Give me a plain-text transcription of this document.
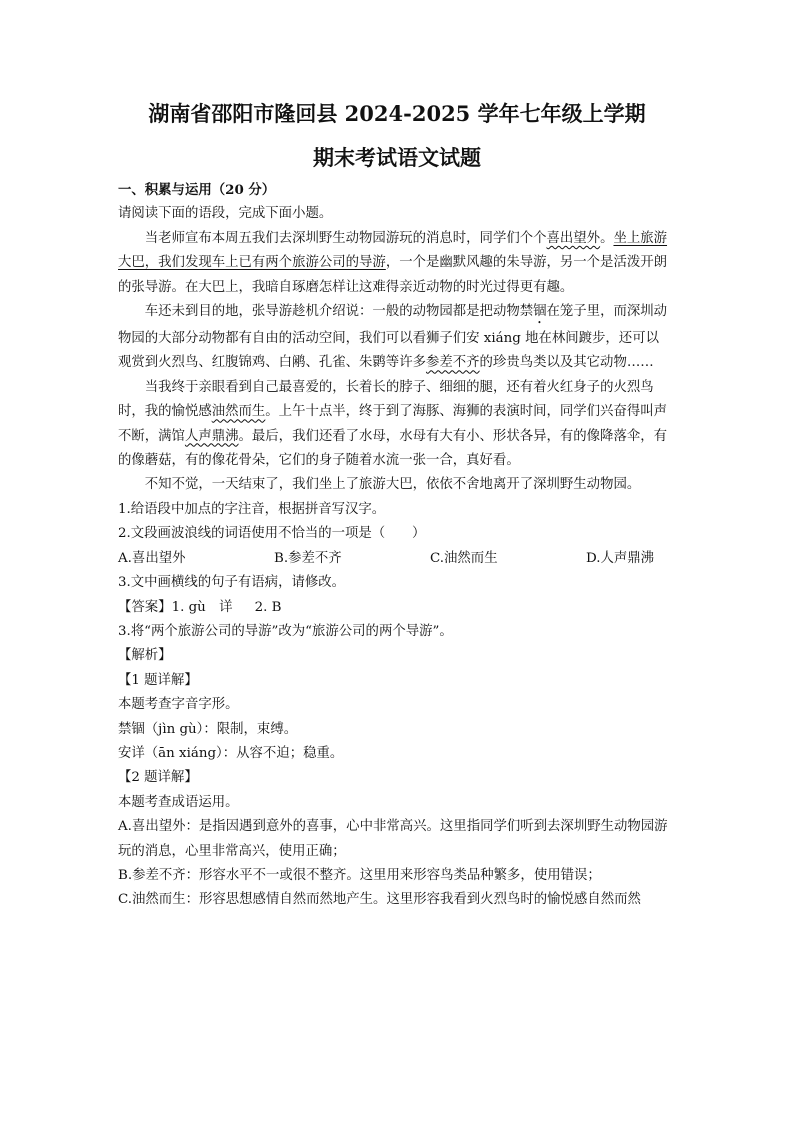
湖南省邵阳市隆回县 2024-2025 学年七年级上学期
期末考试语文试题

一、积累与运用（20 分）

请阅读下面的语段，完成下面小题。

当老师宣布本周五我们去深圳野生动物园游玩的消息时，同学们个个喜出望外。坐上旅游大巴，我们发现车上已有两个旅游公司的导游，一个是幽默风趣的朱导游，另一个是活泼开朗的张导游。在大巴上，我暗自琢磨怎样让这难得亲近动物的时光过得更有趣。

车还未到目的地，张导游趁机介绍说：一般的动物园都是把动物禁锢在笼子里，而深圳动物园的大部分动物都有自由的活动空间，我们可以看狮子们安 xiáng 地在林间踱步，还可以观赏到火烈鸟、红腹锦鸡、白鹇、孔雀、朱鹮等许多参差不齐的珍贵鸟类以及其它动物……

当我终于亲眼看到自己最喜爱的，长着长的脖子、细细的腿，还有着火红身子的火烈鸟时，我的愉悦感油然而生。上午十点半，终于到了海豚、海狮的表演时间，同学们兴奋得叫声不断，满馆人声鼎沸。最后，我们还看了水母，水母有大有小、形状各异，有的像降落伞，有的像蘑菇，有的像花骨朵，它们的身子随着水流一张一合，真好看。

不知不觉，一天结束了，我们坐上了旅游大巴，依依不舍地离开了深圳野生动物园。

1.给语段中加点的字注音，根据拼音写汉字。

2.文段画波浪线的词语使用不恰当的一项是（　　）

A.喜出望外	B.参差不齐	C.油然而生	D.人声鼎沸

3.文中画横线的句子有语病，请修改。

【答案】1. gù　详 2. B

3.将“两个旅游公司的导游”改为“旅游公司的两个导游”。

【解析】

【1 题详解】

本题考查字音字形。

禁锢（jìn gù）：限制，束缚。

安详（ān xiáng）：从容不迫；稳重。

【2 题详解】

本题考查成语运用。

A.喜出望外：是指因遇到意外的喜事，心中非常高兴。这里指同学们听到去深圳野生动物园游玩的消息，心里非常高兴，使用正确；

B.参差不齐：形容水平不一或很不整齐。这里用来形容鸟类品种繁多，使用错误；

C.油然而生：形容思想感情自然而然地产生。这里形容我看到火烈鸟时的愉悦感自然而然
